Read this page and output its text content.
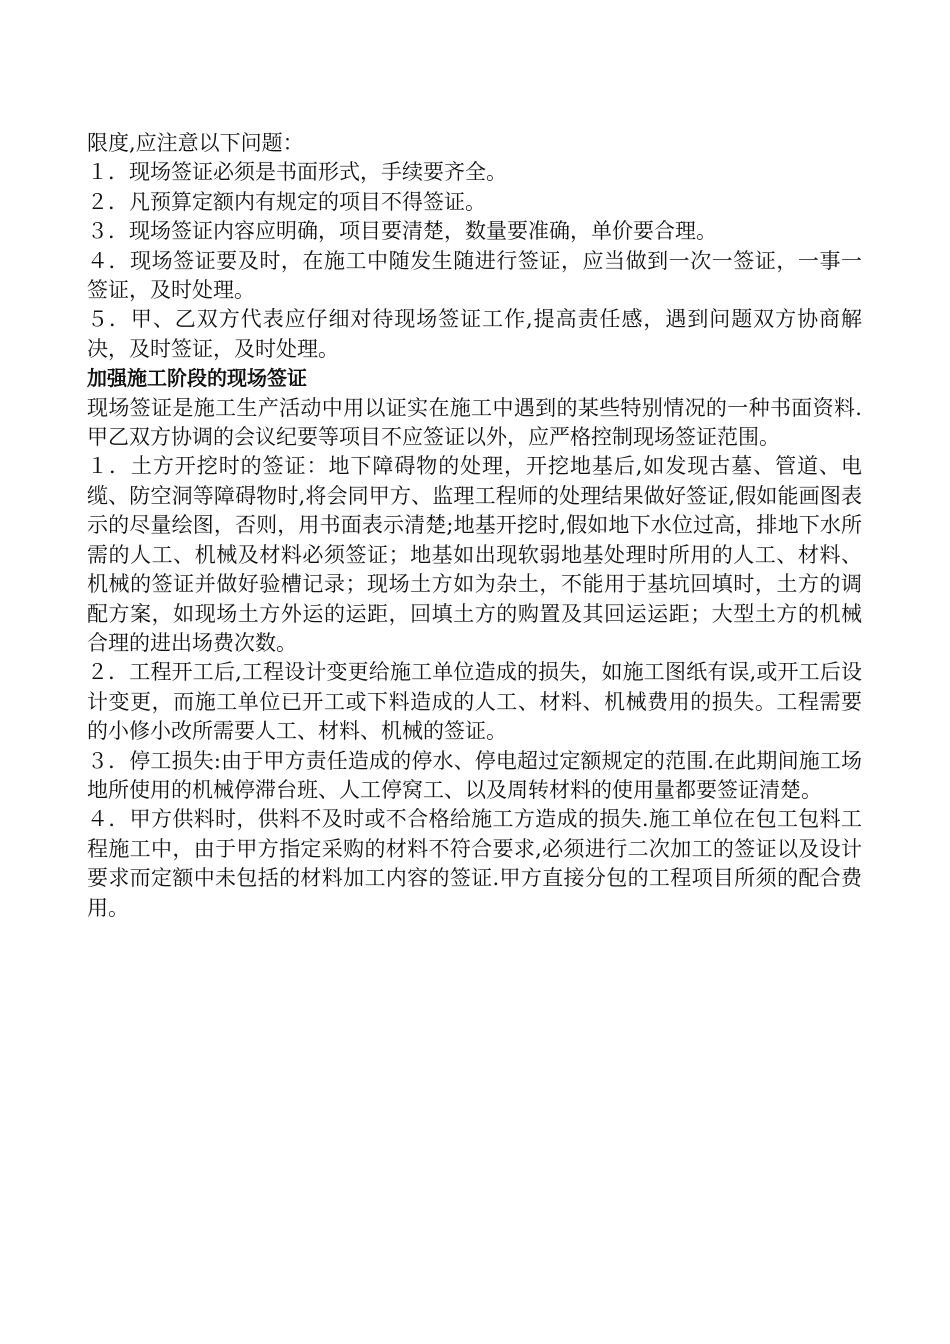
限度,应注意以下问题：

１．现场签证必须是书面形式，手续要齐全。

２．凡预算定额内有规定的项目不得签证。

３．现场签证内容应明确，项目要清楚，数量要准确，单价要合理。

４．现场签证要及时，在施工中随发生随进行签证，应当做到一次一签证，一事一签证，及时处理。

５．甲、乙双方代表应仔细对待现场签证工作,提高责任感，遇到问题双方协商解决，及时签证，及时处理。

加强施工阶段的现场签证

现场签证是施工生产活动中用以证实在施工中遇到的某些特别情况的一种书面资料.甲乙双方协调的会议纪要等项目不应签证以外，应严格控制现场签证范围。

１．土方开挖时的签证：地下障碍物的处理，开挖地基后,如发现古墓、管道、电缆、防空洞等障碍物时,将会同甲方、监理工程师的处理结果做好签证,假如能画图表示的尽量绘图，否则，用书面表示清楚;地基开挖时,假如地下水位过高，排地下水所需的人工、机械及材料必须签证；地基如出现软弱地基处理时所用的人工、材料、机械的签证并做好验槽记录；现场土方如为杂土，不能用于基坑回填时，土方的调配方案，如现场土方外运的运距，回填土方的购置及其回运运距；大型土方的机械合理的进出场费次数。

２．工程开工后,工程设计变更给施工单位造成的损失，如施工图纸有误,或开工后设计变更，而施工单位已开工或下料造成的人工、材料、机械费用的损失。工程需要的小修小改所需要人工、材料、机械的签证。

３．停工损失:由于甲方责任造成的停水、停电超过定额规定的范围.在此期间施工场地所使用的机械停滞台班、人工停窝工、以及周转材料的使用量都要签证清楚。

４．甲方供料时，供料不及时或不合格给施工方造成的损失.施工单位在包工包料工程施工中，由于甲方指定采购的材料不符合要求,必须进行二次加工的签证以及设计要求而定额中未包括的材料加工内容的签证.甲方直接分包的工程项目所须的配合费用。
